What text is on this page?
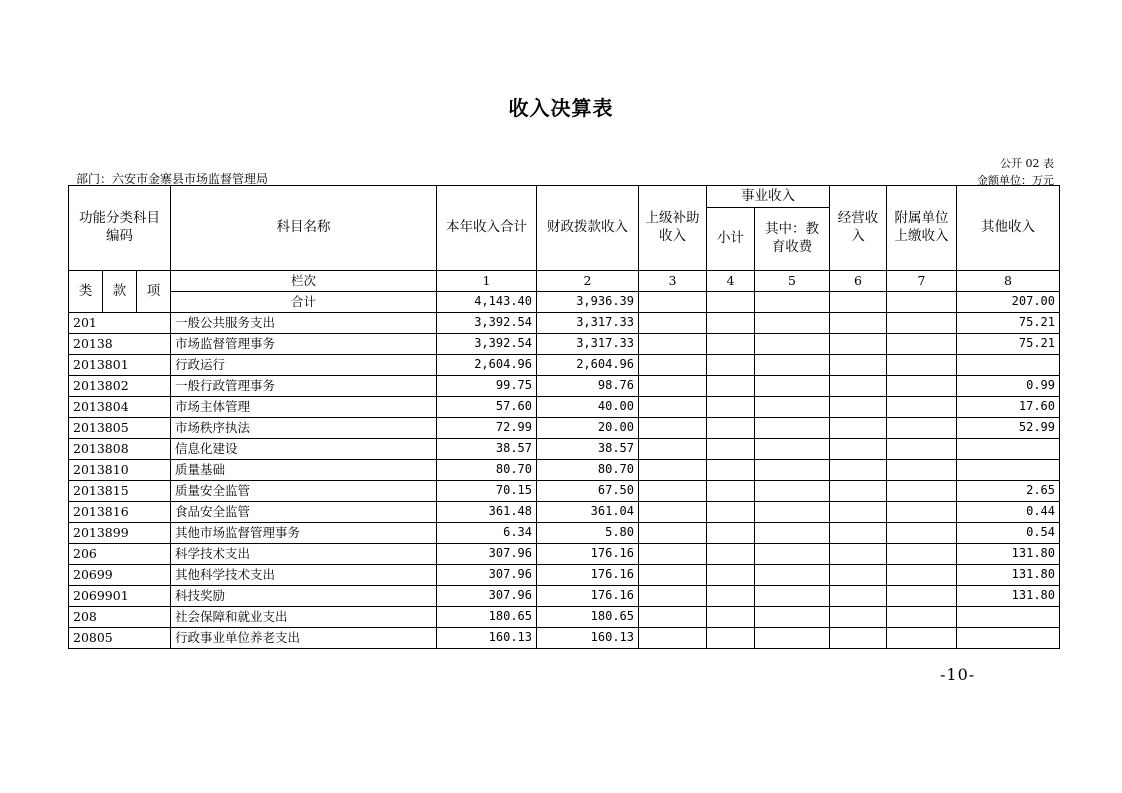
收入决算表
公开 02 表
部门：六安市金寨县市场监督管理局	金额单位：万元
功能分类科目编码			科目名称	本年收入合计	财政拨款收入	上级补助收入	事业收入		经营收入	附属单位上缴收入	其他收入
							小计	其中：教育收费			
类	款	项	栏次	1	2	3	4	5	6	7	8
			合计	4,143.40	3,936.39						207.00
201			一般公共服务支出	3,392.54	3,317.33						75.21
20138			市场监督管理事务	3,392.54	3,317.33						75.21
2013801			行政运行	2,604.96	2,604.96						
2013802			一般行政管理事务	99.75	98.76						0.99
2013804			市场主体管理	57.60	40.00						17.60
2013805			市场秩序执法	72.99	20.00						52.99
2013808			信息化建设	38.57	38.57						
2013810			质量基础	80.70	80.70						
2013815			质量安全监管	70.15	67.50						2.65
2013816			食品安全监管	361.48	361.04						0.44
2013899			其他市场监督管理事务	6.34	5.80						0.54
206			科学技术支出	307.96	176.16						131.80
20699			其他科学技术支出	307.96	176.16						131.80
2069901			科技奖励	307.96	176.16						131.80
208			社会保障和就业支出	180.65	180.65						
20805			行政事业单位养老支出	160.13	160.13						
-10-
